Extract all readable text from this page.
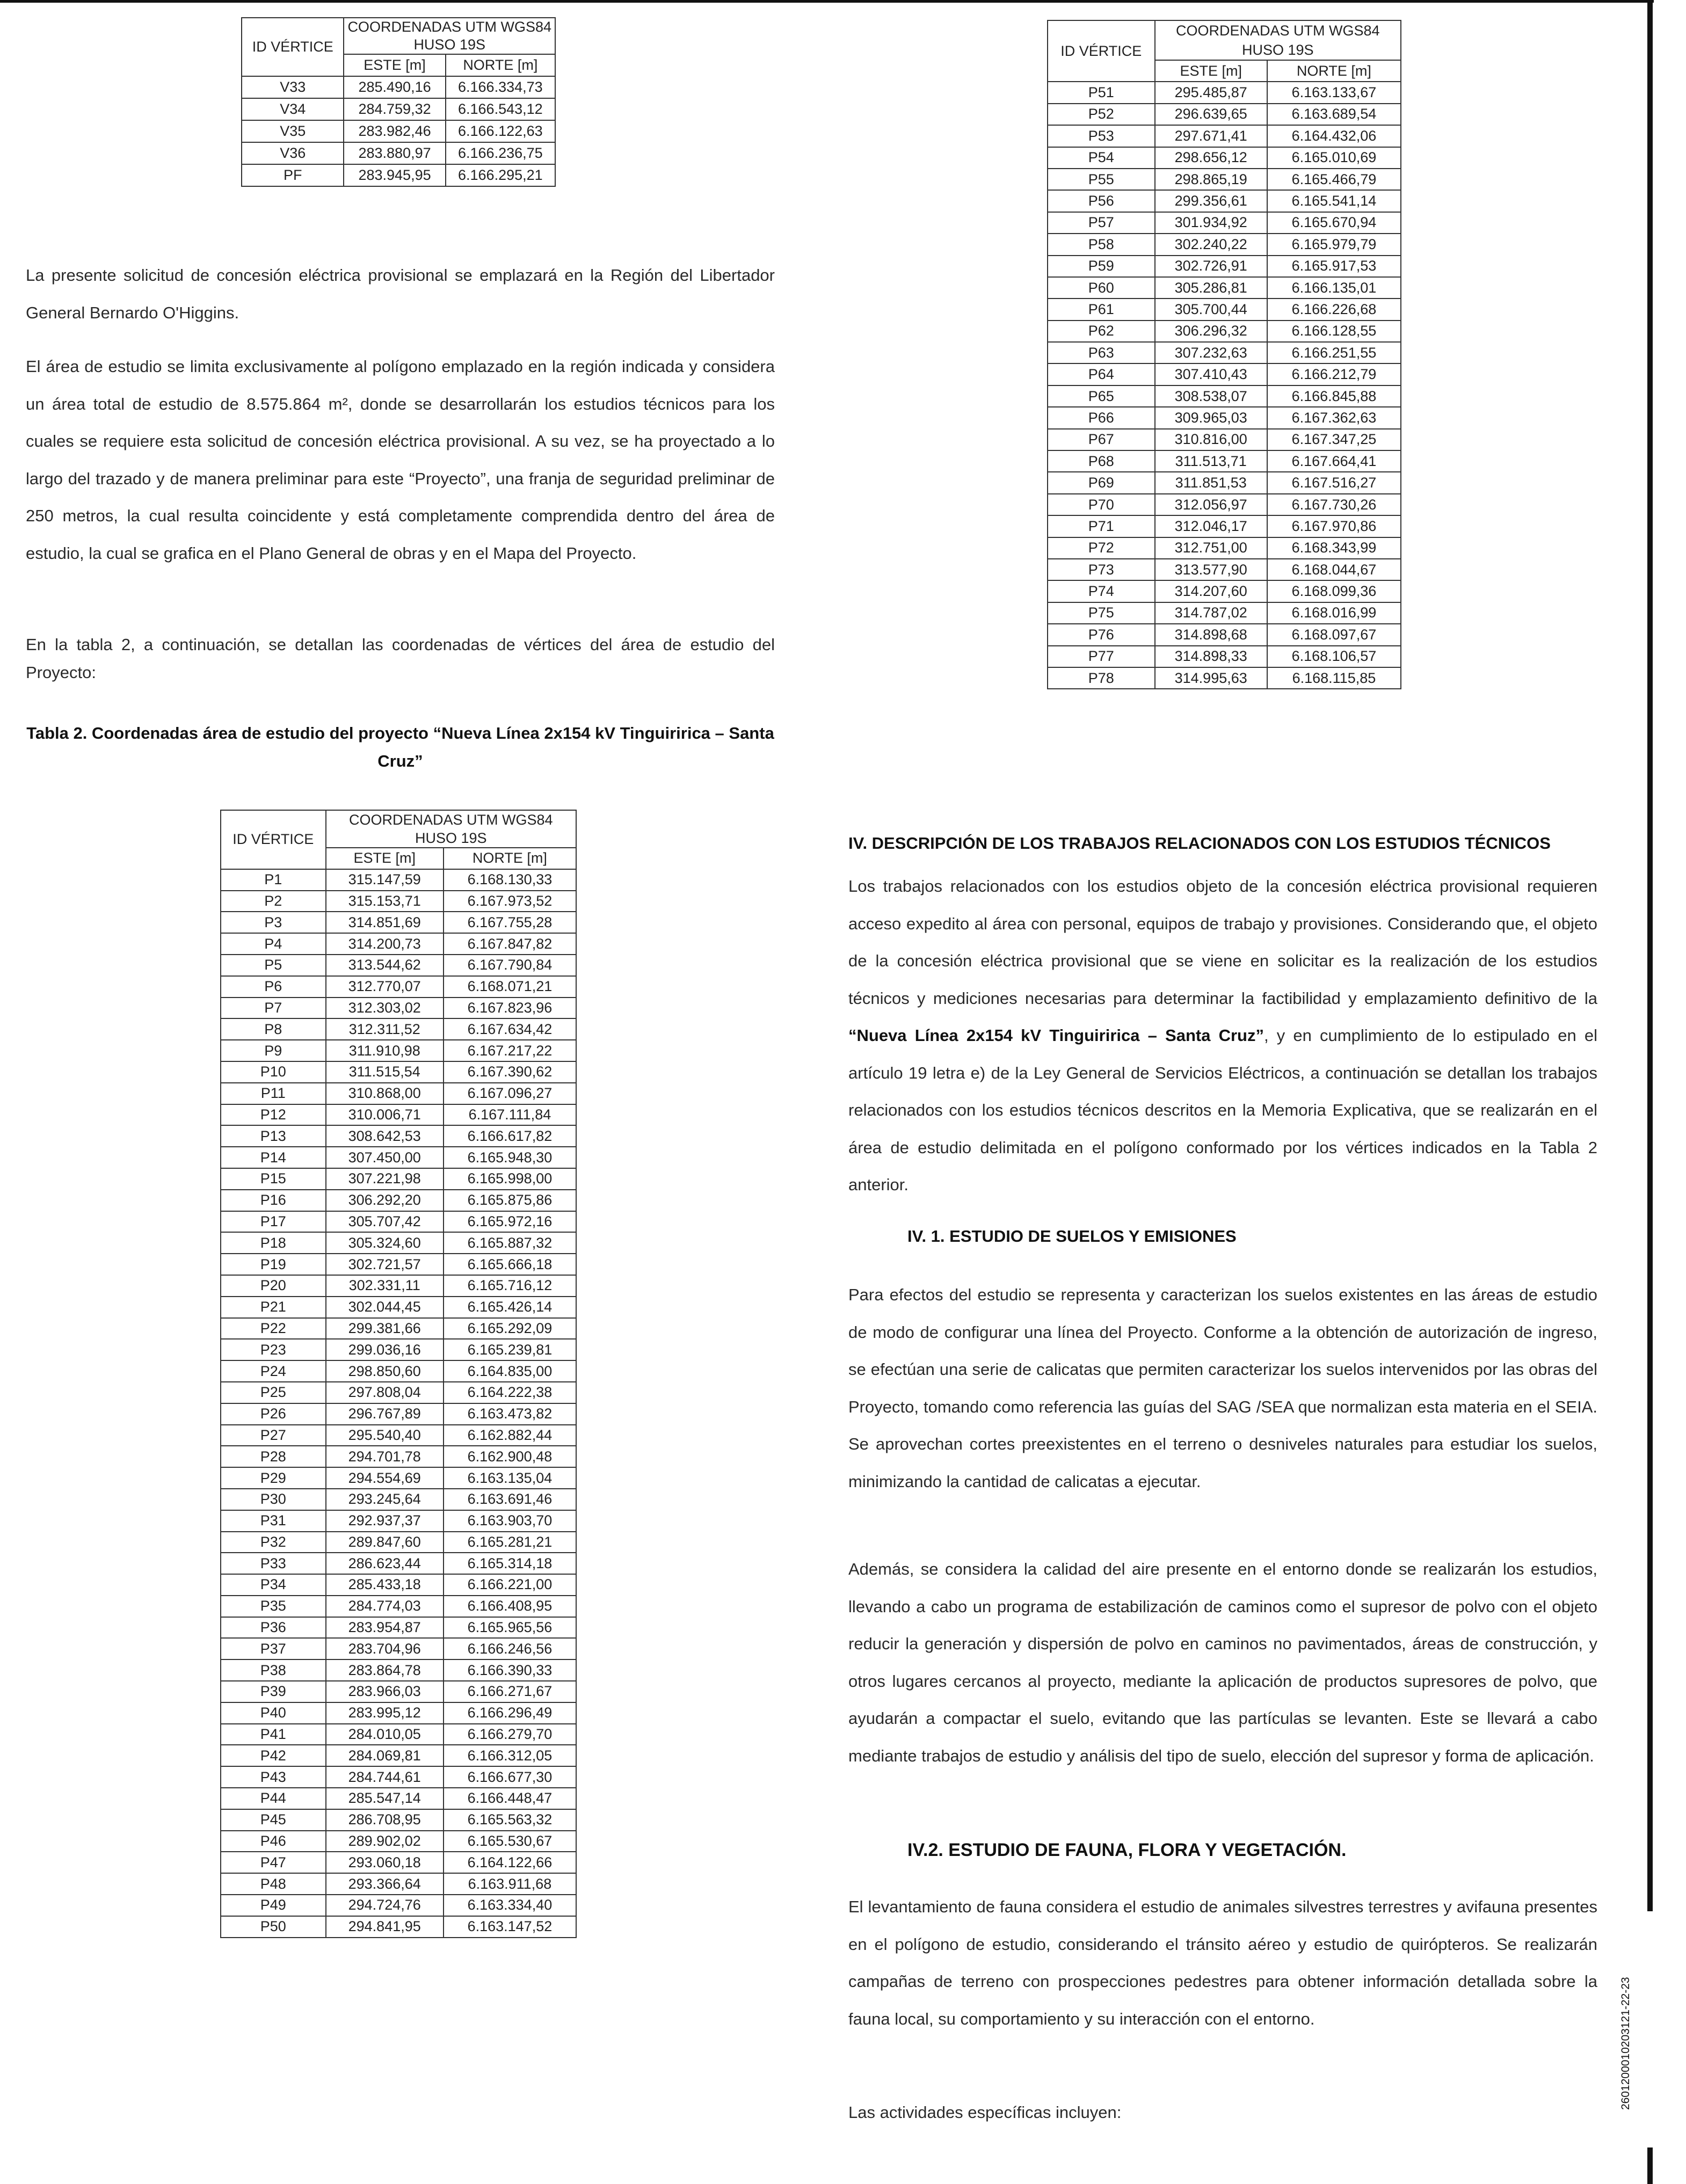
ID VÉRTICE	COORDENADAS UTM WGS84 HUSO 19S	
	ESTE [m]	NORTE [m]
V33	285.490,16	6.166.334,73
V34	284.759,32	6.166.543,12
V35	283.982,46	6.166.122,63
V36	283.880,97	6.166.236,75
PF	283.945,95	6.166.295,21

La presente solicitud de concesión eléctrica provisional se emplazará en la Región del Libertador General Bernardo O'Higgins.

El área de estudio se limita exclusivamente al polígono emplazado en la región indicada y considera un área total de estudio de 8.575.864 m², donde se desarrollarán los estudios técnicos para los cuales se requiere esta solicitud de concesión eléctrica provisional. A su vez, se ha proyectado a lo largo del trazado y de manera preliminar para este “Proyecto”, una franja de seguridad preliminar de 250 metros, la cual resulta coincidente y está completamente comprendida dentro del área de estudio, la cual se grafica en el Plano General de obras y en el Mapa del Proyecto.

En la tabla 2, a continuación, se detallan las coordenadas de vértices del área de estudio del Proyecto:

Tabla 2. Coordenadas área de estudio del proyecto “Nueva Línea 2x154 kV Tinguiririca – Santa Cruz”
ID VÉRTICE	COORDENADAS UTM WGS84 HUSO 19S	
	ESTE [m]	NORTE [m]
P1	315.147,59	6.168.130,33
P2	315.153,71	6.167.973,52
P3	314.851,69	6.167.755,28
P4	314.200,73	6.167.847,82
P5	313.544,62	6.167.790,84
P6	312.770,07	6.168.071,21
P7	312.303,02	6.167.823,96
P8	312.311,52	6.167.634,42
P9	311.910,98	6.167.217,22
P10	311.515,54	6.167.390,62
P11	310.868,00	6.167.096,27
P12	310.006,71	6.167.111,84
P13	308.642,53	6.166.617,82
P14	307.450,00	6.165.948,30
P15	307.221,98	6.165.998,00
P16	306.292,20	6.165.875,86
P17	305.707,42	6.165.972,16
P18	305.324,60	6.165.887,32
P19	302.721,57	6.165.666,18
P20	302.331,11	6.165.716,12
P21	302.044,45	6.165.426,14
P22	299.381,66	6.165.292,09
P23	299.036,16	6.165.239,81
P24	298.850,60	6.164.835,00
P25	297.808,04	6.164.222,38
P26	296.767,89	6.163.473,82
P27	295.540,40	6.162.882,44
P28	294.701,78	6.162.900,48
P29	294.554,69	6.163.135,04
P30	293.245,64	6.163.691,46
P31	292.937,37	6.163.903,70
P32	289.847,60	6.165.281,21
P33	286.623,44	6.165.314,18
P34	285.433,18	6.166.221,00
P35	284.774,03	6.166.408,95
P36	283.954,87	6.165.965,56
P37	283.704,96	6.166.246,56
P38	283.864,78	6.166.390,33
P39	283.966,03	6.166.271,67
P40	283.995,12	6.166.296,49
P41	284.010,05	6.166.279,70
P42	284.069,81	6.166.312,05
P43	284.744,61	6.166.677,30
P44	285.547,14	6.166.448,47
P45	286.708,95	6.165.563,32
P46	289.902,02	6.165.530,67
P47	293.060,18	6.164.122,66
P48	293.366,64	6.163.911,68
P49	294.724,76	6.163.334,40
P50	294.841,95	6.163.147,52
ID VÉRTICE	COORDENADAS UTM WGS84 HUSO 19S	
	ESTE [m]	NORTE [m]
P51	295.485,87	6.163.133,67
P52	296.639,65	6.163.689,54
P53	297.671,41	6.164.432,06
P54	298.656,12	6.165.010,69
P55	298.865,19	6.165.466,79
P56	299.356,61	6.165.541,14
P57	301.934,92	6.165.670,94
P58	302.240,22	6.165.979,79
P59	302.726,91	6.165.917,53
P60	305.286,81	6.166.135,01
P61	305.700,44	6.166.226,68
P62	306.296,32	6.166.128,55
P63	307.232,63	6.166.251,55
P64	307.410,43	6.166.212,79
P65	308.538,07	6.166.845,88
P66	309.965,03	6.167.362,63
P67	310.816,00	6.167.347,25
P68	311.513,71	6.167.664,41
P69	311.851,53	6.167.516,27
P70	312.056,97	6.167.730,26
P71	312.046,17	6.167.970,86
P72	312.751,00	6.168.343,99
P73	313.577,90	6.168.044,67
P74	314.207,60	6.168.099,36
P75	314.787,02	6.168.016,99
P76	314.898,68	6.168.097,67
P77	314.898,33	6.168.106,57
P78	314.995,63	6.168.115,85
IV. DESCRIPCIÓN DE LOS TRABAJOS RELACIONADOS CON LOS ESTUDIOS TÉCNICOS

Los trabajos relacionados con los estudios objeto de la concesión eléctrica provisional requieren acceso expedito al área con personal, equipos de trabajo y provisiones. Considerando que, el objeto de la concesión eléctrica provisional que se viene en solicitar es la realización de los estudios técnicos y mediciones necesarias para determinar la factibilidad y emplazamiento definitivo de la “Nueva Línea 2x154 kV Tinguiririca – Santa Cruz”, y en cumplimiento de lo estipulado en el artículo 19 letra e) de la Ley General de Servicios Eléctricos, a continuación se detallan los trabajos relacionados con los estudios técnicos descritos en la Memoria Explicativa, que se realizarán en el área de estudio delimitada en el polígono conformado por los vértices indicados en la Tabla 2 anterior.

IV. 1. ESTUDIO DE SUELOS Y EMISIONES

Para efectos del estudio se representa y caracterizan los suelos existentes en las áreas de estudio de modo de configurar una línea del Proyecto. Conforme a la obtención de autorización de ingreso, se efectúan una serie de calicatas que permiten caracterizar los suelos intervenidos por las obras del Proyecto, tomando como referencia las guías del SAG /SEA que normalizan esta materia en el SEIA. Se aprovechan cortes preexistentes en el terreno o desniveles naturales para estudiar los suelos, minimizando la cantidad de calicatas a ejecutar.

Además, se considera la calidad del aire presente en el entorno donde se realizarán los estudios, llevando a cabo un programa de estabilización de caminos como el supresor de polvo con el objeto reducir la generación y dispersión de polvo en caminos no pavimentados, áreas de construcción, y otros lugares cercanos al proyecto, mediante la aplicación de productos supresores de polvo, que ayudarán a compactar el suelo, evitando que las partículas se levanten. Este se llevará a cabo mediante trabajos de estudio y análisis del tipo de suelo, elección del supresor y forma de aplicación.

IV.2. ESTUDIO DE FAUNA, FLORA Y VEGETACIÓN.

El levantamiento de fauna considera el estudio de animales silvestres terrestres y avifauna presentes en el polígono de estudio, considerando el tránsito aéreo y estudio de quirópteros. Se realizarán campañas de terreno con prospecciones pedestres para obtener información detallada sobre la fauna local, su comportamiento y su interacción con el entorno.

Las actividades específicas incluyen:

2601200010203121-22-23
